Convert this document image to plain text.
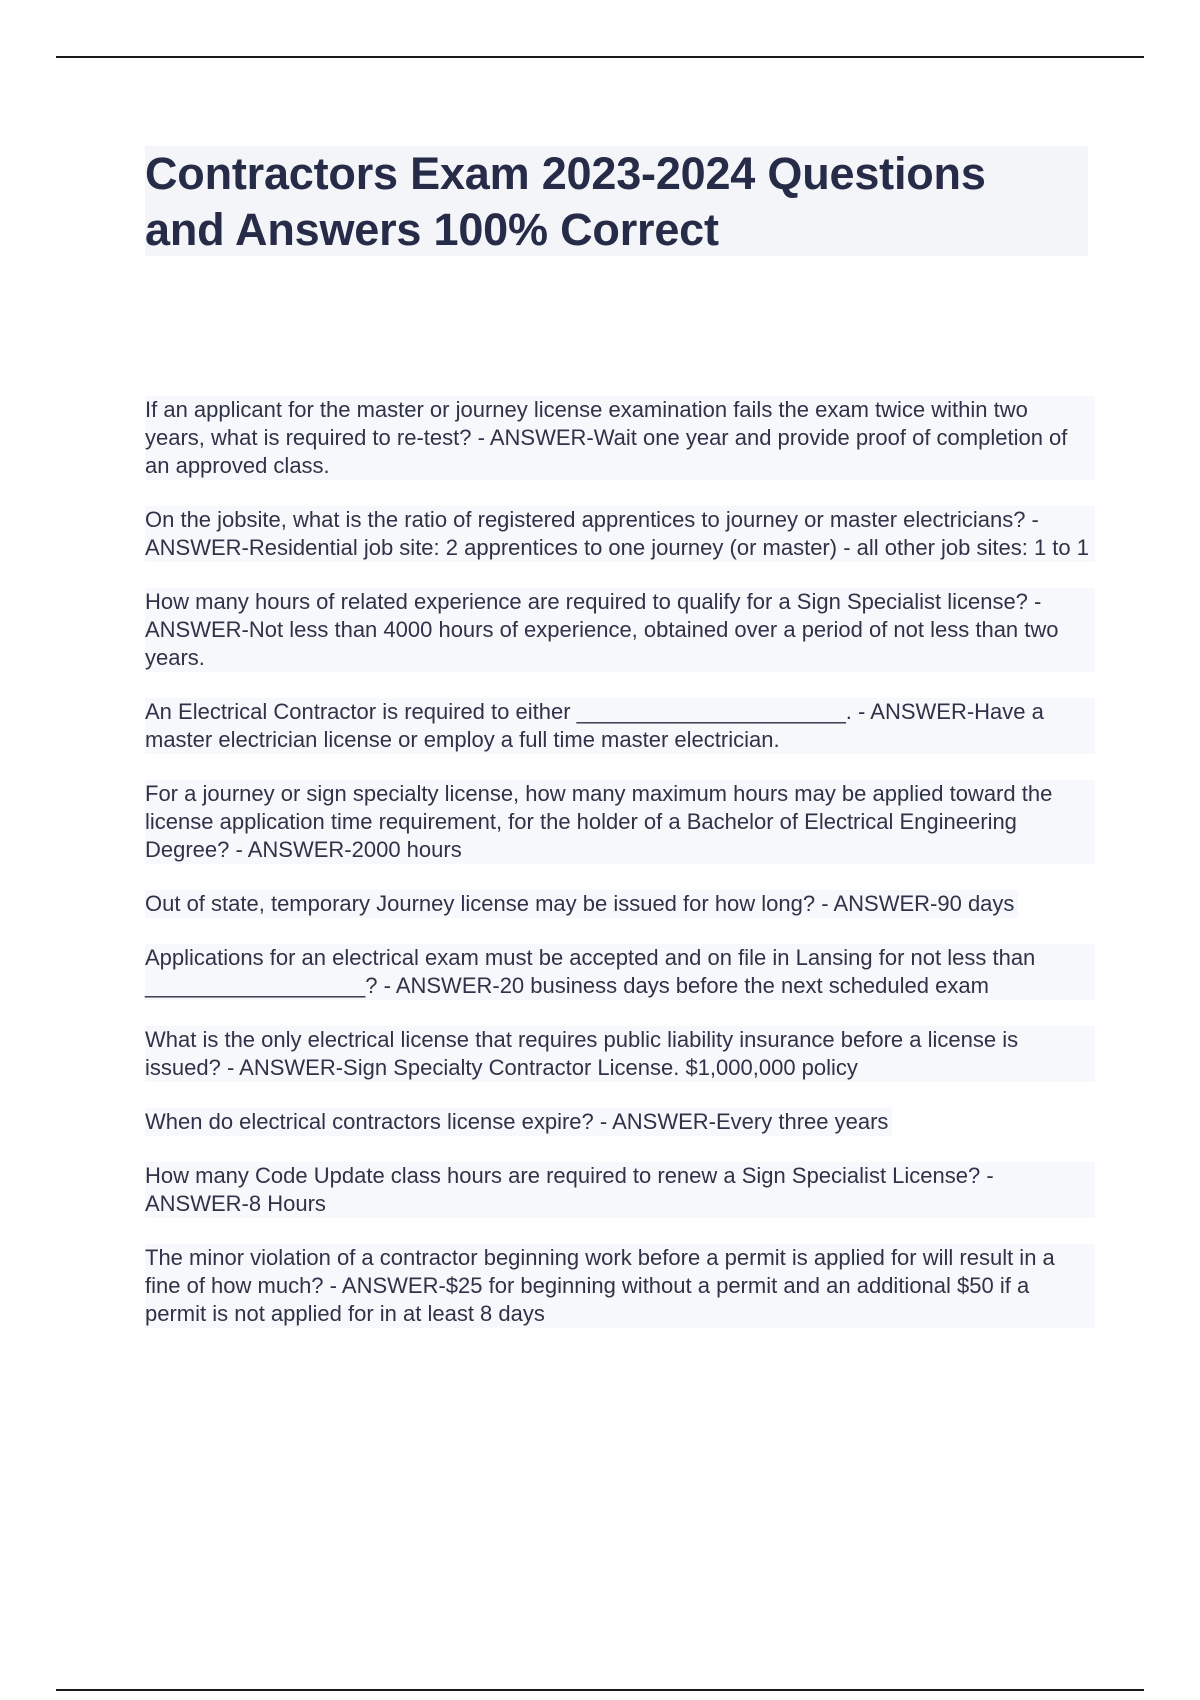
Contractors Exam 2023-2024 Questions
and Answers 100% Correct

If an applicant for the master or journey license examination fails the exam twice within two years, what is required to re-test? - ANSWER-Wait one year and provide proof of completion of an approved class.

On the jobsite, what is the ratio of registered apprentices to journey or master electricians? - ANSWER-Residential job site: 2 apprentices to one journey (or master) - all other job sites: 1 to 1

How many hours of related experience are required to qualify for a Sign Specialist license? - ANSWER-Not less than 4000 hours of experience, obtained over a period of not less than two years.

An Electrical Contractor is required to either ______________________. - ANSWER-Have a master electrician license or employ a full time master electrician.

For a journey or sign specialty license, how many maximum hours may be applied toward the license application time requirement, for the holder of a Bachelor of Electrical Engineering Degree? - ANSWER-2000 hours

Out of state, temporary Journey license may be issued for how long? - ANSWER-90 days

Applications for an electrical exam must be accepted and on file in Lansing for not less than __________________? - ANSWER-20 business days before the next scheduled exam

What is the only electrical license that requires public liability insurance before a license is issued? - ANSWER-Sign Specialty Contractor License. $1,000,000 policy

When do electrical contractors license expire? - ANSWER-Every three years

How many Code Update class hours are required to renew a Sign Specialist License? - ANSWER-8 Hours

The minor violation of a contractor beginning work before a permit is applied for will result in a fine of how much? - ANSWER-$25 for beginning without a permit and an additional $50 if a permit is not applied for in at least 8 days
